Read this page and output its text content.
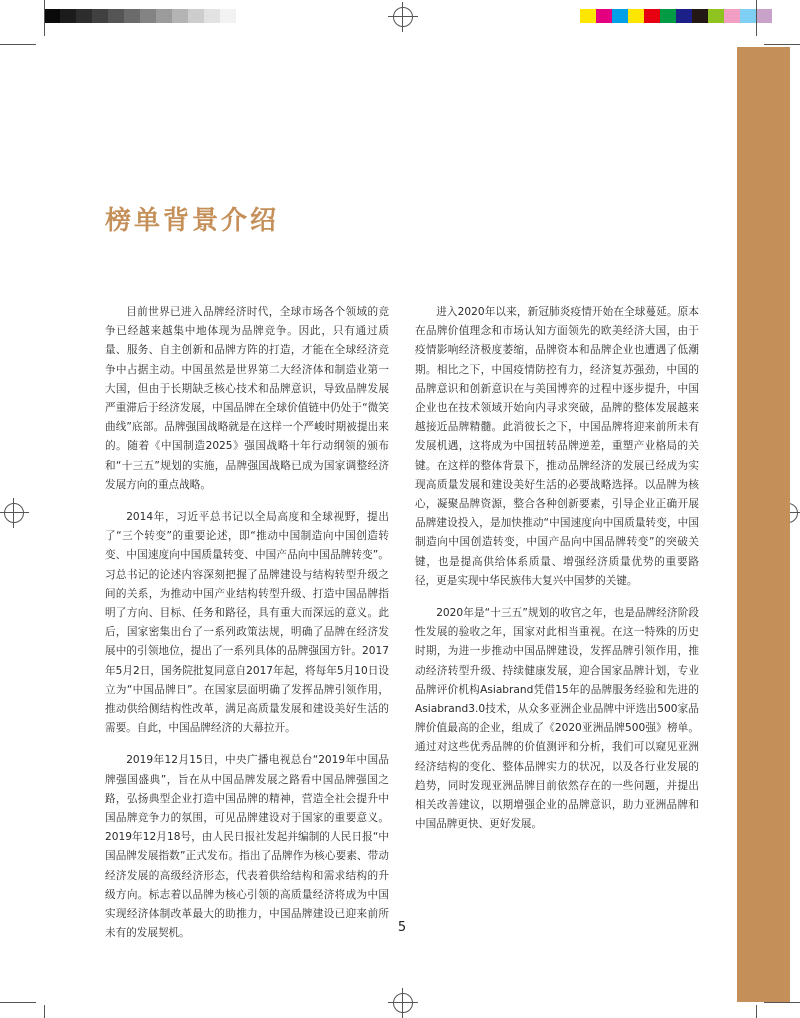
榜单背景介绍

目前世界已进入品牌经济时代，全球市场各个领域的竞争已经越来越集中地体现为品牌竞争。因此，只有通过质量、服务、自主创新和品牌方阵的打造，才能在全球经济竞争中占据主动。中国虽然是世界第二大经济体和制造业第一大国，但由于长期缺乏核心技术和品牌意识，导致品牌发展严重滞后于经济发展，中国品牌在全球价值链中仍处于“微笑曲线”底部。品牌强国战略就是在这样一个严峻时期被提出来的。随着《中国制造2025》强国战略十年行动纲领的颁布和“十三五”规划的实施，品牌强国战略已成为国家调整经济发展方向的重点战略。

2014年，习近平总书记以全局高度和全球视野，提出了“三个转变”的重要论述，即“推动中国制造向中国创造转变、中国速度向中国质量转变、中国产品向中国品牌转变”。习总书记的论述内容深刻把握了品牌建设与结构转型升级之间的关系，为推动中国产业结构转型升级、打造中国品牌指明了方向、目标、任务和路径，具有重大而深远的意义。此后，国家密集出台了一系列政策法规，明确了品牌在经济发展中的引领地位，提出了一系列具体的品牌强国方针。2017年5月2日，国务院批复同意自2017年起，将每年5月10日设立为“中国品牌日”。在国家层面明确了发挥品牌引领作用，推动供给侧结构性改革，满足高质量发展和建设美好生活的需要。自此，中国品牌经济的大幕拉开。

2019年12月15日，中央广播电视总台“2019年中国品牌强国盛典”，旨在从中国品牌发展之路看中国品牌强国之路，弘扬典型企业打造中国品牌的精神，营造全社会提升中国品牌竞争力的氛围，可见品牌建设对于国家的重要意义。2019年12月18号，由人民日报社发起并编制的人民日报“中国品牌发展指数”正式发布。指出了品牌作为核心要素、带动经济发展的高级经济形态，代表着供给结构和需求结构的升级方向。标志着以品牌为核心引领的高质量经济将成为中国实现经济体制改革最大的助推力，中国品牌建设已迎来前所未有的发展契机。

进入2020年以来，新冠肺炎疫情开始在全球蔓延。原本在品牌价值理念和市场认知方面领先的欧美经济大国，由于疫情影响经济极度萎缩，品牌资本和品牌企业也遭遇了低潮期。相比之下，中国疫情防控有力，经济复苏强劲，中国的品牌意识和创新意识在与美国博弈的过程中逐步提升，中国企业也在技术领域开始向内寻求突破，品牌的整体发展越来越接近品牌精髓。此消彼长之下，中国品牌将迎来前所未有发展机遇，这将成为中国扭转品牌逆差，重塑产业格局的关键。在这样的整体背景下，推动品牌经济的发展已经成为实现高质量发展和建设美好生活的必要战略选择。以品牌为核心，凝聚品牌资源，整合各种创新要素，引导企业正确开展品牌建设投入，是加快推动“中国速度向中国质量转变，中国制造向中国创造转变，中国产品向中国品牌转变”的突破关键，也是提高供给体系质量、增强经济质量优势的重要路径，更是实现中华民族伟大复兴中国梦的关键。

2020年是“十三五”规划的收官之年，也是品牌经济阶段性发展的验收之年，国家对此相当重视。在这一特殊的历史时期，为进一步推动中国品牌建设，发挥品牌引领作用，推动经济转型升级、持续健康发展，迎合国家品牌计划，专业品牌评价机构Asiabrand凭借15年的品牌服务经验和先进的Asiabrand3.0技术，从众多亚洲企业品牌中评选出500家品牌价值最高的企业，组成了《2020亚洲品牌500强》榜单。通过对这些优秀品牌的价值测评和分析，我们可以窥见亚洲经济结构的变化、整体品牌实力的状况，以及各行业发展的趋势，同时发现亚洲品牌目前依然存在的一些问题，并提出相关改善建议，以期增强企业的品牌意识，助力亚洲品牌和中国品牌更快、更好发展。

5
